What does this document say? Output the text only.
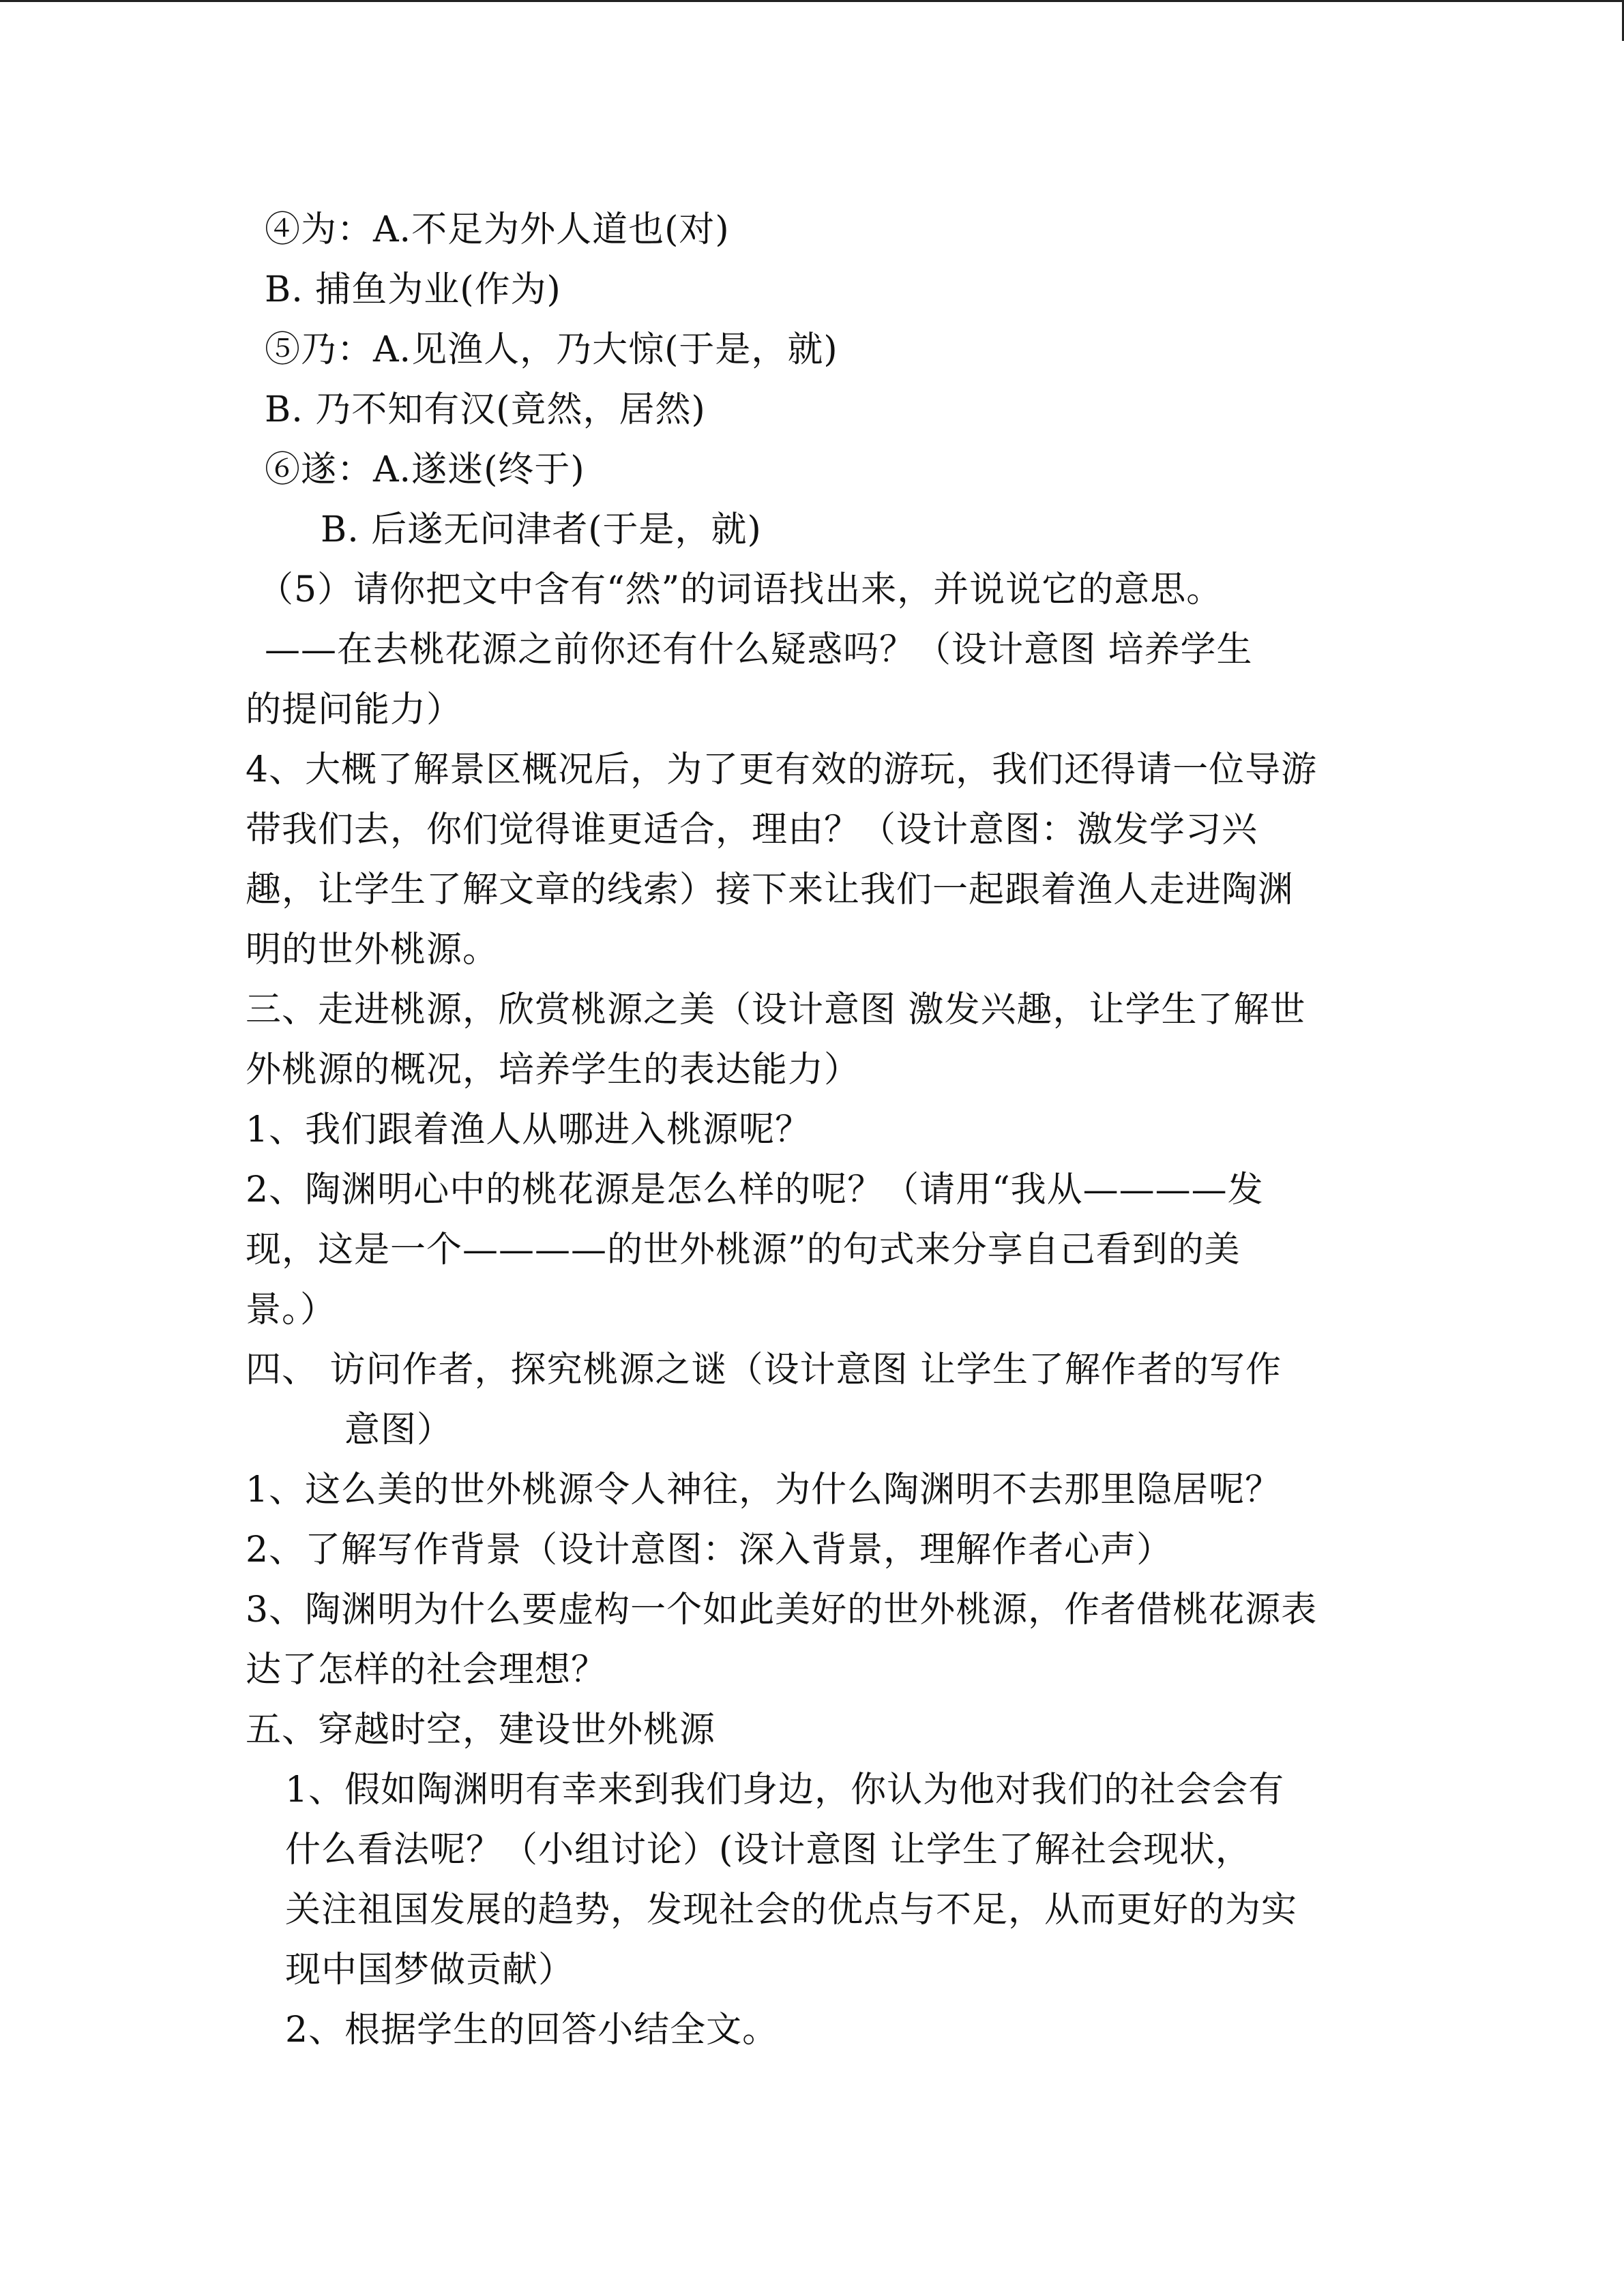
④为：A.不足为外人道也(对)
B. 捕鱼为业(作为)
⑤乃：A.见渔人，乃大惊(于是，就)
B. 乃不知有汉(竟然，居然)
⑥遂：A.遂迷(终于)
B. 后遂无问津者(于是，就)
（5）请你把文中含有“然”的词语找出来，并说说它的意思。
——在去桃花源之前你还有什么疑惑吗？（设计意图 培养学生
的提问能力）
4、大概了解景区概况后，为了更有效的游玩，我们还得请一位导游
带我们去，你们觉得谁更适合，理由？（设计意图：激发学习兴
趣，让学生了解文章的线索）接下来让我们一起跟着渔人走进陶渊
明的世外桃源。
三、走进桃源，欣赏桃源之美（设计意图 激发兴趣，让学生了解世
外桃源的概况，培养学生的表达能力）
1、我们跟着渔人从哪进入桃源呢？
2、陶渊明心中的桃花源是怎么样的呢？（请用“我从————发
现，这是一个————的世外桃源”的句式来分享自己看到的美
景。）
四、 访问作者，探究桃源之谜（设计意图 让学生了解作者的写作
意图）
1、这么美的世外桃源令人神往，为什么陶渊明不去那里隐居呢？
2、了解写作背景（设计意图：深入背景，理解作者心声）
3、陶渊明为什么要虚构一个如此美好的世外桃源，作者借桃花源表
达了怎样的社会理想？
五、穿越时空，建设世外桃源
1、假如陶渊明有幸来到我们身边，你认为他对我们的社会会有
什么看法呢？（小组讨论）(设计意图 让学生了解社会现状，
关注祖国发展的趋势，发现社会的优点与不足，从而更好的为实
现中国梦做贡献）
2、根据学生的回答小结全文。
